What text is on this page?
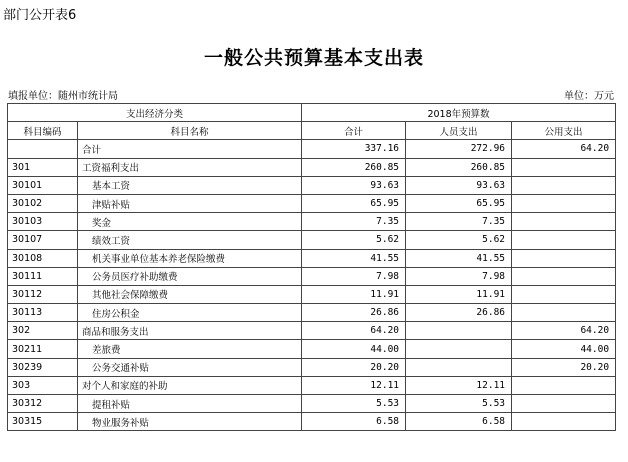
部门公开表6
一般公共预算基本支出表
填报单位：随州市统计局	单位：万元
支出经济分类		2018年预算数		
科目编码	科目名称	合计	人员支出	公用支出
	合计	337.16	272.96	64.20
301	工资福利支出	260.85	260.85	
30101	基本工资	93.63	93.63	
30102	津贴补贴	65.95	65.95	
30103	奖金	7.35	7.35	
30107	绩效工资	5.62	5.62	
30108	机关事业单位基本养老保险缴费	41.55	41.55	
30111	公务员医疗补助缴费	7.98	7.98	
30112	其他社会保障缴费	11.91	11.91	
30113	住房公积金	26.86	26.86	
302	商品和服务支出	64.20		64.20
30211	差旅费	44.00		44.00
30239	公务交通补贴	20.20		20.20
303	对个人和家庭的补助	12.11	12.11	
30312	提租补贴	5.53	5.53	
30315	物业服务补贴	6.58	6.58	
